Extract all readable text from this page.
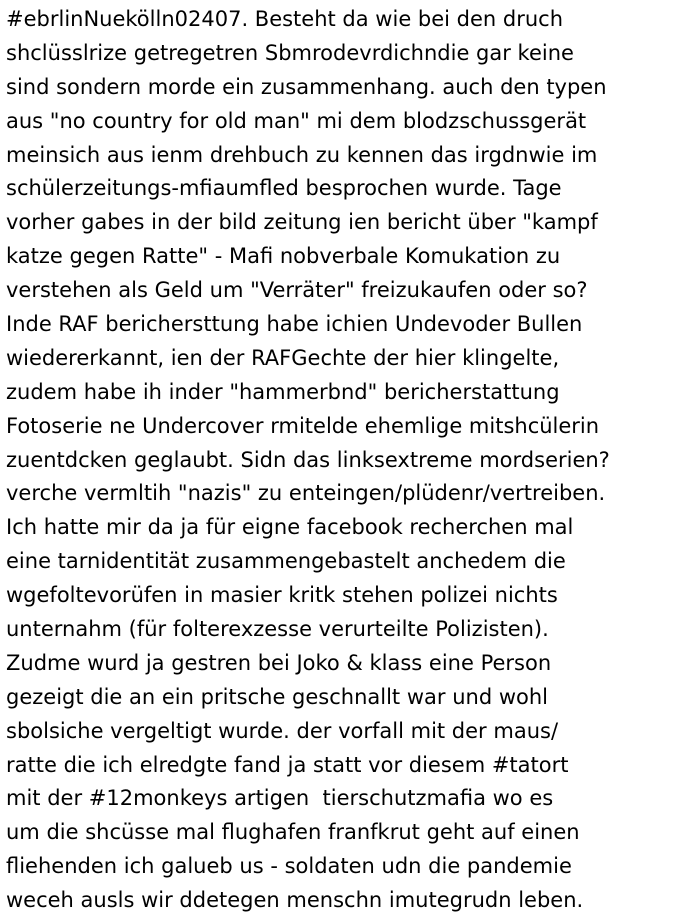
#ebrlinNuekölln02407. Besteht da wie bei den druch
shclüsslrize getregetren Sbmrodevrdichndie gar keine
sind sondern morde ein zusammenhang. auch den typen
aus "no country for old man" mi dem blodzschussgerät
meinsich aus ienm drehbuch zu kennen das irgdnwie im
schülerzeitungs-mfiaumfled besprochen wurde. Tage
vorher gabes in der bild zeitung ien bericht über "kampf
katze gegen Ratte" - Mafi nobverbale Komukation zu
verstehen als Geld um "Verräter" freizukaufen oder so?
Inde RAF berichersttung habe ichien Undevoder Bullen
wiedererkannt, ien der RAFGechte der hier klingelte,
zudem habe ih inder "hammerbnd" bericherstattung
Fotoserie ne Undercover rmitelde ehemlige mitshcülerin
zuentdcken geglaubt. Sidn das linksextreme mordserien?
verche vermltih "nazis" zu enteingen/plüdenr/vertreiben.
Ich hatte mir da ja für eigne facebook recherchen mal
eine tarnidentität zusammengebastelt anchedem die
wgefoltevorüfen in masier kritk stehen polizei nichts
unternahm (für folterexzesse verurteilte Polizisten).
Zudme wurd ja gestren bei Joko & klass eine Person
gezeigt die an ein pritsche geschnallt war und wohl
sbolsiche vergeltigt wurde. der vorfall mit der maus/
ratte die ich elredgte fand ja statt vor diesem #tatort
mit der #12monkeys artigen  tierschutzmafia wo es
um die shcüsse mal flughafen franfkrut geht auf einen
fliehenden ich galueb us - soldaten udn die pandemie
weceh ausls wir ddetegen menschn imutegrudn leben.
